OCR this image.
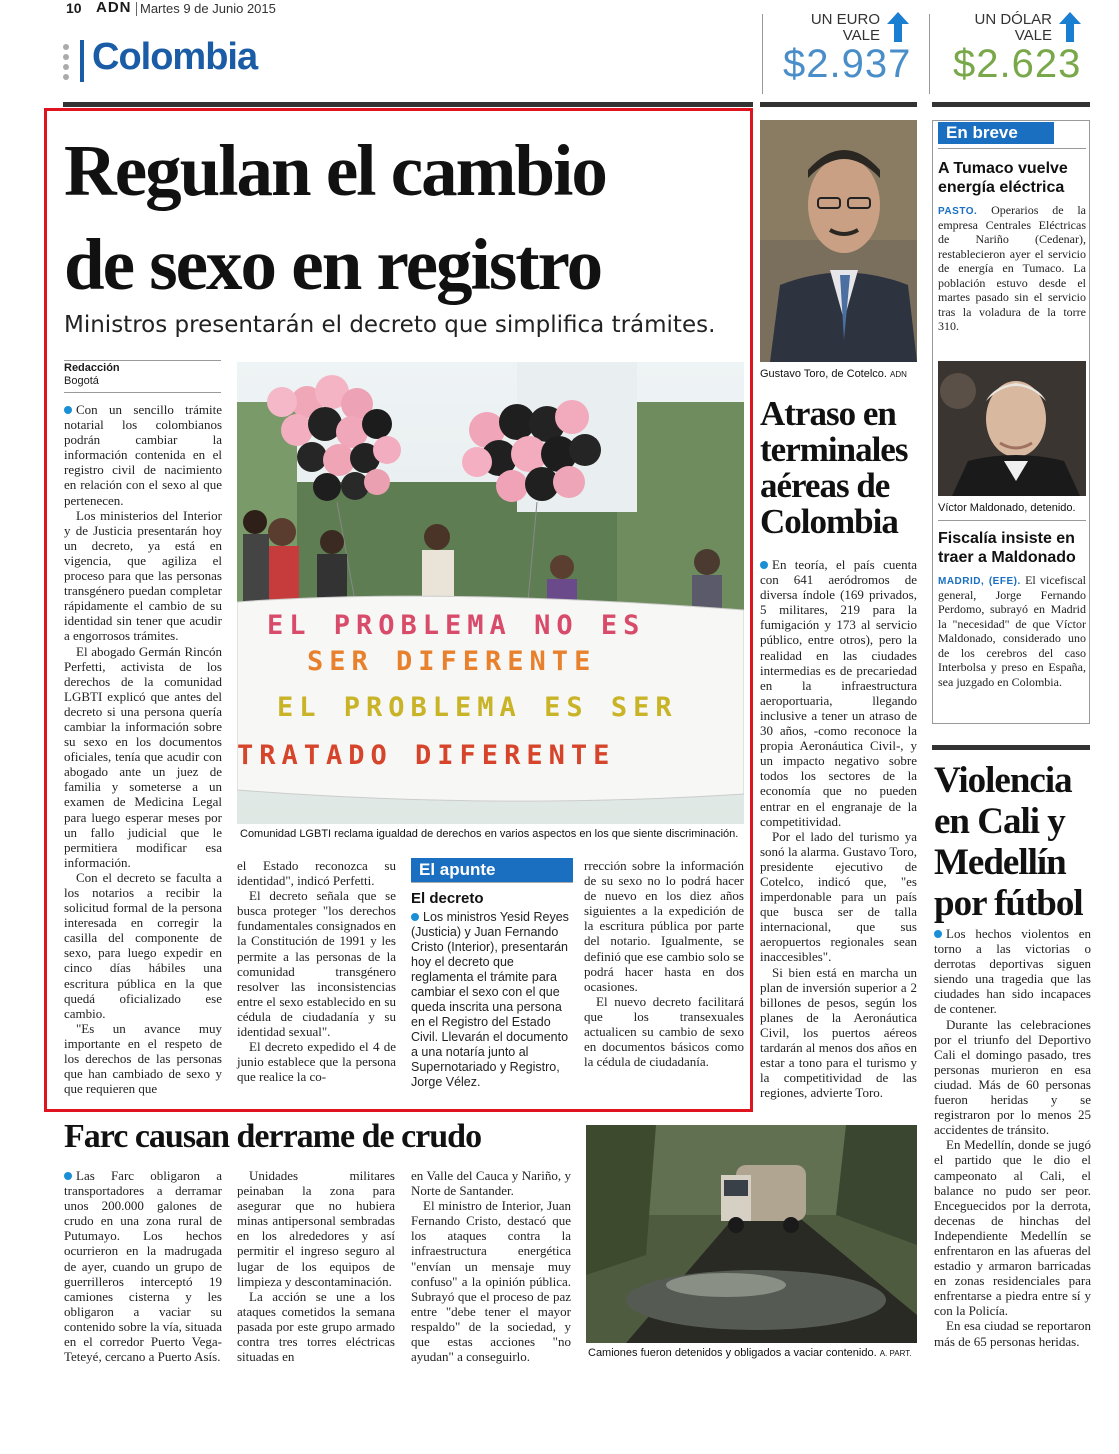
10 ADN Martes 9 de Junio 2015
Colombia
UN EURO
VALE
$2.937
UN DÓLAR
VALE
$2.623
Regulan el cambio
de sexo en registro
Ministros presentarán el decreto que simplifica trámites.
Redacción
Bogotá

Con un sencillo trámite notarial los colombianos podrán cambiar la información contenida en el registro civil de nacimiento en relación con el sexo al que pertenecen.

Los ministerios del Interior y de Justicia presentarán hoy un decreto, ya está en vigencia, que agiliza el proceso para que las personas transgénero puedan completar rápidamente el cambio de su identidad sin tener que acudir a engorrosos trámites.

El abogado Germán Rincón Perfetti, activista de los derechos de la comunidad LGBTI explicó que antes del decreto si una persona quería cambiar la información sobre su sexo en los documentos oficiales, tenía que acudir con abogado ante un juez de familia y someterse a un examen de Medicina Legal para luego esperar meses por un fallo judicial que le permitiera modificar esa información.

Con el decreto se faculta a los notarios a recibir la solicitud formal de la persona interesada en corregir la casilla del componente de sexo, para luego expedir en cinco días hábiles una escritura pública en la que quedá oficializado ese cambio.

"Es un avance muy importante en el respeto de los derechos de las personas que han cambiado de sexo y que requieren que

EL PROBLEMA NO ES
SER DIFERENTE
EL PROBLEMA ES SER
TRATADO DIFERENTE
Comunidad LGBTI reclama igualdad de derechos en varios aspectos en los que siente discriminación.

el Estado reconozca su identidad", indicó Perfetti.

El decreto señala que se busca proteger "los derechos fundamentales consignados en la Constitución de 1991 y les permite a las personas de la comunidad transgénero resolver las inconsistencias entre el sexo establecido en su cédula de ciudadanía y su identidad sexual".

El decreto expedido el 4 de junio establece que la persona que realice la co-

El apunte
El decreto
Los ministros Yesid Reyes (Justicia) y Juan Fernando Cristo (Interior), presentarán hoy el decreto que reglamenta el trámite para cambiar el sexo con el que queda inscrita una persona en el Registro del Estado Civil. Llevarán el documento a una notaría junto al Supernotariado y Registro, Jorge Vélez.

rrección sobre la información de su sexo no lo podrá hacer de nuevo en los diez años siguientes a la expedición de la escritura pública por parte del notario. Igualmente, se definió que ese cambio solo se podrá hacer hasta en dos ocasiones.

El nuevo decreto facilitará que los transexuales actualicen su cambio de sexo en documentos básicos como la cédula de ciudadanía.

Gustavo Toro, de Cotelco. ADN
Atraso en terminales aéreas de Colombia

En teoría, el país cuenta con 641 aeródromos de diversa índole (169 privados, 5 militares, 219 para la fumigación y 173 al servicio público, entre otros), pero la realidad en las ciudades intermedias es de precariedad en la infraestructura aeroportuaria, llegando inclusive a tener un atraso de 30 años, -como reconoce la propia Aeronáutica Civil-, y un impacto negativo sobre todos los sectores de la economía que no pueden entrar en el engranaje de la competitividad.

Por el lado del turismo ya sonó la alarma. Gustavo Toro, presidente ejecutivo de Cotelco, indicó que, "es imperdonable para un país que busca ser de talla internacional, que sus aeropuertos regionales sean inaccesibles".

Si bien está en marcha un plan de inversión superior a 2 billones de pesos, según los planes de la Aeronáutica Civil, los puertos aéreos tardarán al menos dos años en estar a tono para el turismo y la competitividad de las regiones, advierte Toro.

En breve
A Tumaco vuelve energía eléctrica
PASTO. Operarios de la empresa Centrales Eléctricas de Nariño (Cedenar), restablecieron ayer el servicio de energía en Tumaco. La población estuvo desde el martes pasado sin el servicio tras la voladura de la torre 310.
Víctor Maldonado, detenido.
Fiscalía insiste en traer a Maldonado
MADRID, (EFE). El vicefiscal general, Jorge Fernando Perdomo, subrayó en Madrid la "necesidad" de que Víctor Maldonado, considerado uno de los cerebros del caso Interbolsa y preso en España, sea juzgado en Colombia.
Violencia en Cali y Medellín por fútbol

Los hechos violentos en torno a las victorias o derrotas deportivas siguen siendo una tragedia que las ciudades han sido incapaces de contener.

Durante las celebraciones por el triunfo del Deportivo Cali el domingo pasado, tres personas murieron en esa ciudad. Más de 60 personas fueron heridas y se registraron por lo menos 25 accidentes de tránsito.

En Medellín, donde se jugó el partido que le dio el campeonato al Cali, el balance no pudo ser peor. Enceguecidos por la derrota, decenas de hinchas del Independiente Medellín se enfrentaron en las afueras del estadio y armaron barricadas en zonas residenciales para enfrentarse a piedra entre sí y con la Policía.

En esa ciudad se reportaron más de 65 personas heridas.

Farc causan derrame de crudo

Las Farc obligaron a transportadores a derramar unos 200.000 galones de crudo en una zona rural de Putumayo. Los hechos ocurrieron en la madrugada de ayer, cuando un grupo de guerrilleros interceptó 19 camiones cisterna y les obligaron a vaciar su contenido sobre la vía, situada en el corredor Puerto Vega-Teteyé, cercano a Puerto Asís.

Unidades militares peinaban la zona para asegurar que no hubiera minas antipersonal sembradas en los alrededores y así permitir el ingreso seguro al lugar de los equipos de limpieza y descontaminación.

La acción se une a los ataques cometidos la semana pasada por este grupo armado contra tres torres eléctricas situadas en

en Valle del Cauca y Nariño, y Norte de Santander.

El ministro de Interior, Juan Fernando Cristo, destacó que los ataques contra la infraestructura energética "envían un mensaje muy confuso" a la opinión pública. Subrayó que el proceso de paz entre "debe tener el mayor respaldo" de la sociedad, y que estas acciones "no ayudan" a conseguirlo.	Camiones fueron detenidos y obligados a vaciar contenido. A. PART.
